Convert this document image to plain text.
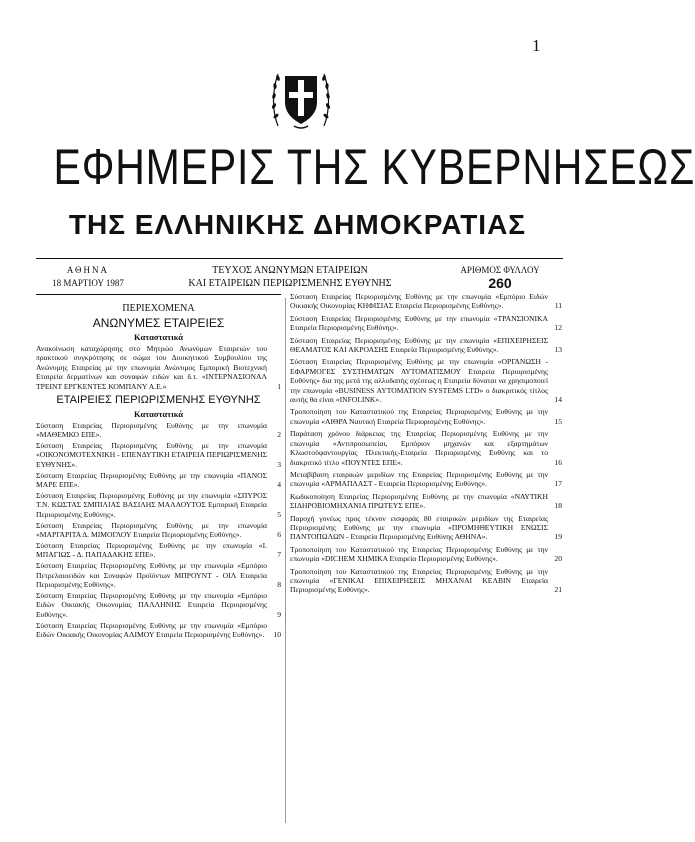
1
ΕΦΗΜΕΡΙΣ ΤΗΣ ΚΥΒΕΡΝΗΣΕΩΣ
ΤΗΣ ΕΛΛΗΝΙΚΗΣ ΔΗΜΟΚΡΑΤΙΑΣ
ΑΘΗΝΑ
18 ΜΑΡΤΙΟΥ 1987
ΤΕΥΧΟΣ ΑΝΩΝΥΜΩΝ ΕΤΑΙΡΕΙΩΝ
ΚΑΙ ΕΤΑΙΡΕΙΩΝ ΠΕΡΙΩΡΙΣΜΕΝΗΣ ΕΥΘΥΝΗΣ
ΑΡΙΘΜΟΣ ΦΥΛΛΟΥ
260
ΠΕΡΙΕΧΟΜΕΝΑ
ΑΝΩΝΥΜΕΣ ΕΤΑΙΡΕΙΕΣ
Καταστατικά
Ανακοίνωση καταχώρησης στο Μητρώο Ανωνύμων Εταιρειών του πρακτικού συγκρότησης σε σώμα του Διοικητικού Συμβουλίου της Ανώνυμης Εταιρείας με την επωνυμία Ανώνυμος Εμπορική Βιοτεχνική Εταιρεία δερματίνων και συναφών ειδών και δ.τ. «ΙΝΤΕΡΝΑΣΙΟΝΑΛ ΤΡΕΙΝΤ ΕΡΓΚΕΝΤΕΣ ΚΟΜΠΑΝΥ Α.Ε.»	1
ΕΤΑΙΡΕΙΕΣ ΠΕΡΙΩΡΙΣΜΕΝΗΣ ΕΥΘΥΝΗΣ
Καταστατικά
Σύσταση Εταιρείας Περιορισμένης Ευθύνης με την επωνυμία «ΜΑΘΕΜΚΟ ΕΠΕ».	2
Σύσταση Εταιρείας Περιορισμένης Ευθύνης με την επωνυμία «ΟΙΚΟΝΟΜΟΤΕΧΝΙΚΗ - ΕΠΕΝΔΥΤΙΚΗ ΕΤΑΙΡΕΙΑ ΠΕΡΙΩΡΙΣΜΕΝΗΣ ΕΥΘΥΝΗΣ».	3
Σύσταση Εταιρείας Περιορισμένης Ευθύνης με την επωνυμία «ΠΑΝΟΣ ΜΑΡΕ ΕΠΕ».	4
Σύσταση Εταιρείας Περιορισμένης Ευθύνης με την επωνυμία «ΣΠΥΡΟΣ Τ.Ν. ΚΩΣΤΑΣ ΣΜΠΙΛΙΑΣ ΒΑΣΙΛΗΣ ΜΑΛΑΟΥΤΟΣ Εμπορική Εταιρεία Περιορισμένης Ευθύνης».	5
Σύσταση Εταιρείας Περιορισμένης Ευθύνης με την επωνυμία «ΜΑΡΓΑΡΙΤΑ Δ. ΜΙΜΟΓΛΟΥ Εταιρεία Περιορισμένης Ευθύνης».	6
Σύσταση Εταιρείας Περιορισμένης Ευθύνης με την επωνυμία «Ι. ΜΠΑΓΙΩΣ - Δ. ΠΑΠΑΔΑΚΗΣ ΕΠΕ».	7
Σύσταση Εταιρείας Περιορισμένης Ευθύνης με την επωνυμία «Εμπόριο Πετρελαιοειδών και Συναφών Προϊόντων ΜΠΡΟΥΝΤ - ΟΙΛ Εταιρεία Περιορισμένης Ευθύνης».	8
Σύσταση Εταιρείας Περιορισμένης Ευθύνης με την επωνυμία «Εμπόριο Ειδών Οικιακής Οικονομίας ΠΑΛΛΗΝΗΣ Εταιρεία Περιορισμένης Ευθύνης».	9
Σύσταση Εταιρείας Περιορισμένης Ευθύνης με την επωνυμία «Εμπόριο Ειδών Οικιακής Οικονομίας ΑΛΙΜΟΥ Εταιρεία Περιορισμένης Ευθύνης».	10
Σύσταση Εταιρείας Περιορισμένης Ευθύνης με την επωνυμία «Εμπόριο Ειδών Οικιακής Οικονομίας ΚΗΦΙΣΙΑΣ Εταιρεία Περιορισμένης Ευθύνης».	11
Σύσταση Εταιρείας Περιορισμένης Ευθύνης με την επωνυμία «ΤΡΑΝΣΙΟΝΙΚΑ Εταιρεία Περιορισμένης Ευθύνης».	12
Σύσταση Εταιρείας Περιορισμένης Ευθύνης με την επωνυμία «ΕΠΙΧΕΙΡΗΣΕΙΣ ΘΕΑΜΑΤΟΣ ΚΑΙ ΑΚΡΟΑΣΗΣ Εταιρεία Περιορισμένης Ευθύνης».	13
Σύσταση Εταιρείας Περιορισμένης Ευθύνης με την επωνυμία «ΟΡΓΑΝΩΣΗ - ΕΦΑΡΜΟΓΕΣ ΣΥΣΤΗΜΑΤΩΝ ΑΥΤΟΜΑΤΙΣΜΟΥ Εταιρεία Περιορισμένης Ευθύνης» δια της μετά της αλλοδαπής σχέσεως η Εταιρεία δύναται να χρησιμοποιεί την επωνυμία «BUSINESS AYTOMATION SYSTEMS LTD» ο διακριτικός τίτλος αυτής θα είναι «INFOLINK».	14
Τροποποίηση του Καταστατικού της Εταιρείας Περιορισμένης Ευθύνης με την επωνυμία «ΑΙΘΡΑ Ναυτική Εταιρεία Περιορισμένης Ευθύνης».	15
Παράταση χρόνου διάρκειας της Εταιρείας Περιορισμένης Ευθύνης με την επωνυμία «Αντιπροσωπείαι, Εμπόριον μηχανών και εξαρτημάτων Κλωστοϋφαντουργίας Πλεκτικής-Εταιρεία Περιορισμένης Ευθύνης και το διακριτικό τίτλο «ΠΟΥΝΤΕΣ ΕΠΕ».	16
Μεταβίβαση εταιρικών μεριδίων της Εταιρείας Περιορισμένης Ευθύνης με την επωνυμία «ΑΡΜΑΠΛΑΣΤ - Εταιρεία Περιορισμένης Ευθύνης».	17
Κωδικοποίηση Εταιρείας Περιορισμένης Ευθύνης με την επωνυμία «ΝΑΥΤΙΚΗ ΣΙΔΗΡΟΒΙΟΜΗΧΑΝΙΑ ΠΡΩΤΕΥΣ ΕΠΕ».	18
Παροχή γονέως προς τέκνον εισφοράς 80 εταιρικών μεριδίων της Εταιρείας Περιορισμένης Ευθύνης με την επωνυμία «ΠΡΟΜΗΘΕΥΤΙΚΗ ΕΝΩΣΙΣ ΠΑΝΤΟΠΩΛΩΝ - Εταιρεία Περιορισμένης Ευθύνης ΑΘΗΝΑ».	19
Τροποποίηση του Καταστατικού της Εταιρείας Περιορισμένης Ευθύνης με την επωνυμία «DICHEM ΧΗΜΙΚΑ Εταιρεία Περιορισμένης Ευθύνης».	20
Τροποποίηση του Καταστατικού της Εταιρείας Περιορισμένης Ευθύνης με την επωνυμία «ΓΕΝΙΚΑΙ ΕΠΙΧΕΙΡΗΣΕΙΣ ΜΗΧΑΝΑΙ ΚΕΛΒΙΝ Εταιρεία Περιορισμένης Ευθύνης».	21
